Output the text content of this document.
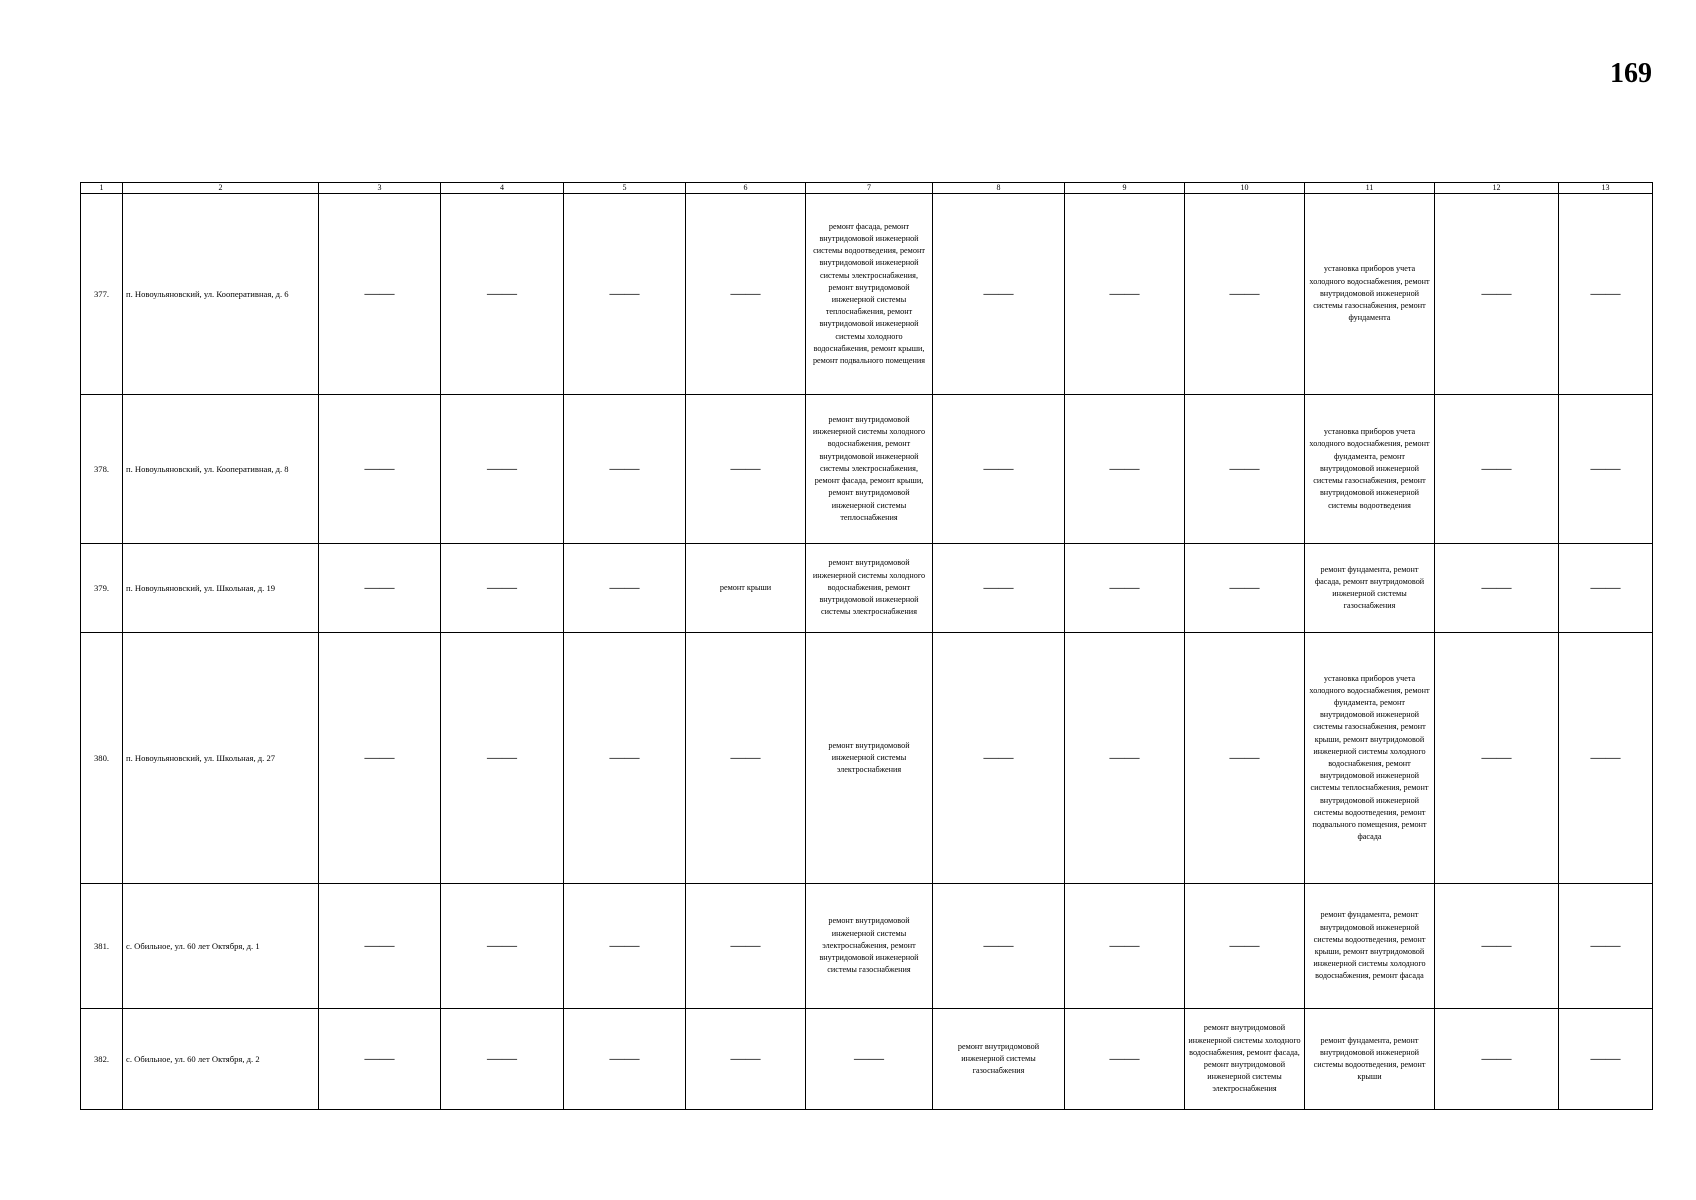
169
1	2	3	4	5	6	7	8	9	10	11	12	13
377.	п. Новоульяновский, ул. Кооперативная, д. 6	——	——	——	——	ремонт фасада, ремонт внутридомовой инженерной системы водоотведения, ремонт внутридомовой инженерной системы электроснабжения, ремонт внутридомовой инженерной системы теплоснабжения, ремонт внутридомовой инженерной системы холодного водоснабжения, ремонт крыши, ремонт подвального помещения	——	——	——	установка приборов учета холодного водоснабжения, ремонт внутридомовой инженерной системы газоснабжения, ремонт фундамента	——	——
378.	п. Новоульяновский, ул. Кооперативная, д. 8	——	——	——	——	ремонт внутридомовой инженерной системы холодного водоснабжения, ремонт внутридомовой инженерной системы электроснабжения, ремонт фасада, ремонт крыши, ремонт внутридомовой инженерной системы теплоснабжения	——	——	——	установка приборов учета холодного водоснабжения, ремонт фундамента, ремонт внутридомовой инженерной системы газоснабжения, ремонт внутридомовой инженерной системы водоотведения	——	——
379.	п. Новоульяновский, ул. Школьная, д. 19	——	——	——	ремонт крыши	ремонт внутридомовой инженерной системы холодного водоснабжения, ремонт внутридомовой инженерной системы электроснабжения	——	——	——	ремонт фундамента, ремонт фасада, ремонт внутридомовой инженерной системы газоснабжения	——	——
380.	п. Новоульяновский, ул. Школьная, д. 27	——	——	——	——	ремонт внутридомовой инженерной системы электроснабжения	——	——	——	установка приборов учета холодного водоснабжения, ремонт фундамента, ремонт внутридомовой инженерной системы газоснабжения, ремонт крыши, ремонт внутридомовой инженерной системы холодного водоснабжения, ремонт внутридомовой инженерной системы теплоснабжения, ремонт внутридомовой инженерной системы водоотведения, ремонт подвального помещения, ремонт фасада	——	——
381.	с. Обильное, ул. 60 лет Октября, д. 1	——	——	——	——	ремонт внутридомовой инженерной системы электроснабжения, ремонт внутридомовой инженерной системы газоснабжения	——	——	——	ремонт фундамента, ремонт внутридомовой инженерной системы водоотведения, ремонт крыши, ремонт внутридомовой инженерной системы холодного водоснабжения, ремонт фасада	——	——
382.	с. Обильное, ул. 60 лет Октября, д. 2	——	——	——	——	——	ремонт внутридомовой инженерной системы газоснабжения	——	ремонт внутридомовой инженерной системы холодного водоснабжения, ремонт фасада, ремонт внутридомовой инженерной системы электроснабжения	ремонт фундамента, ремонт внутридомовой инженерной системы водоотведения, ремонт крыши	——	——
